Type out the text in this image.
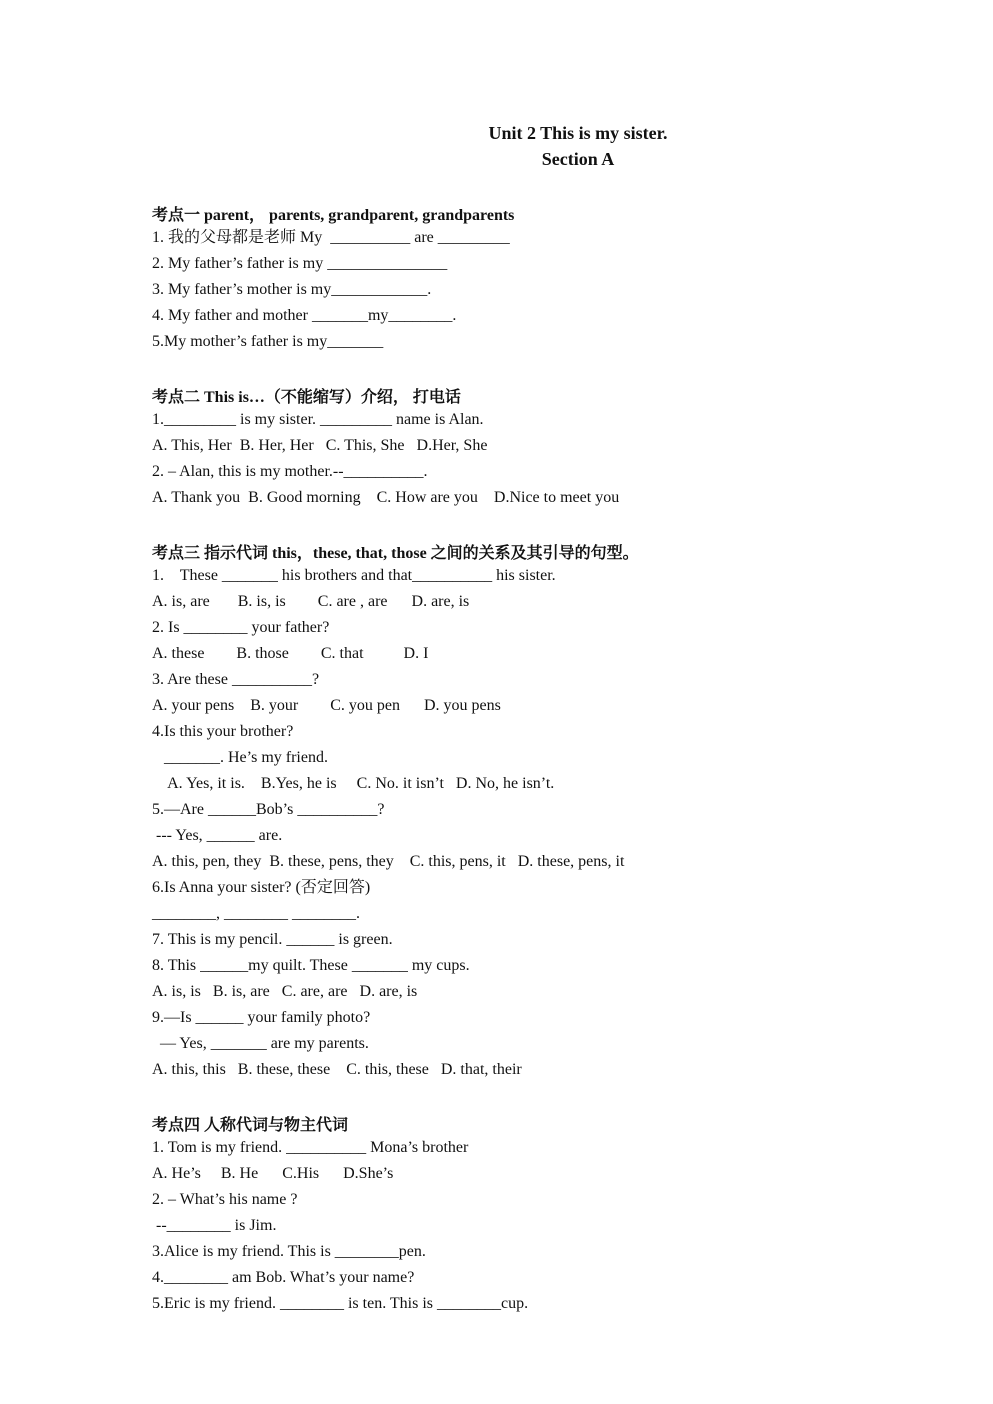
Unit 2 This is my sister.
Section A
考点一 parent， parents, grandparent, grandparents
1. 我的父母都是老师 My  __________ are _________
2. My father’s father is my _______________
3. My father’s mother is my____________.
4. My father and mother _______my________.
5.My mother’s father is my_______
考点二 This is…（不能缩写）介绍， 打电话
1._________ is my sister. _________ name is Alan.
A. This, Her  B. Her, Her   C. This, She   D.Her, She
2. – Alan, this is my mother.--__________.
A. Thank you  B. Good morning    C. How are you    D.Nice to meet you
考点三 指示代词 this，these, that, those 之间的关系及其引导的句型。
1.    These _______ his brothers and that__________ his sister.
A. is, are       B. is, is        C. are , are      D. are, is
2. Is ________ your father?
A. these        B. those        C. that          D. I
3. Are these __________?
A. your pens    B. your        C. you pen      D. you pens
4.Is this your brother?
_______. He’s my friend.
A. Yes, it is.    B.Yes, he is     C. No. it isn’t   D. No, he isn’t.
5.—Are ______Bob’s __________?
--- Yes, ______ are.
A. this, pen, they  B. these, pens, they    C. this, pens, it   D. these, pens, it
6.Is Anna your sister? (否定回答)
________, ________ ________.
7. This is my pencil. ______ is green.
8. This ______my quilt. These _______ my cups.
A. is, is   B. is, are   C. are, are   D. are, is
9.—Is ______ your family photo?
— Yes, _______ are my parents.
A. this, this   B. these, these    C. this, these   D. that, their
考点四 人称代词与物主代词
1. Tom is my friend. __________ Mona’s brother
A. He’s     B. He      C.His      D.She’s
2. – What’s his name ?
--________ is Jim.
3.Alice is my friend. This is ________pen.
4.________ am Bob. What’s your name?
5.Eric is my friend. ________ is ten. This is ________cup.
